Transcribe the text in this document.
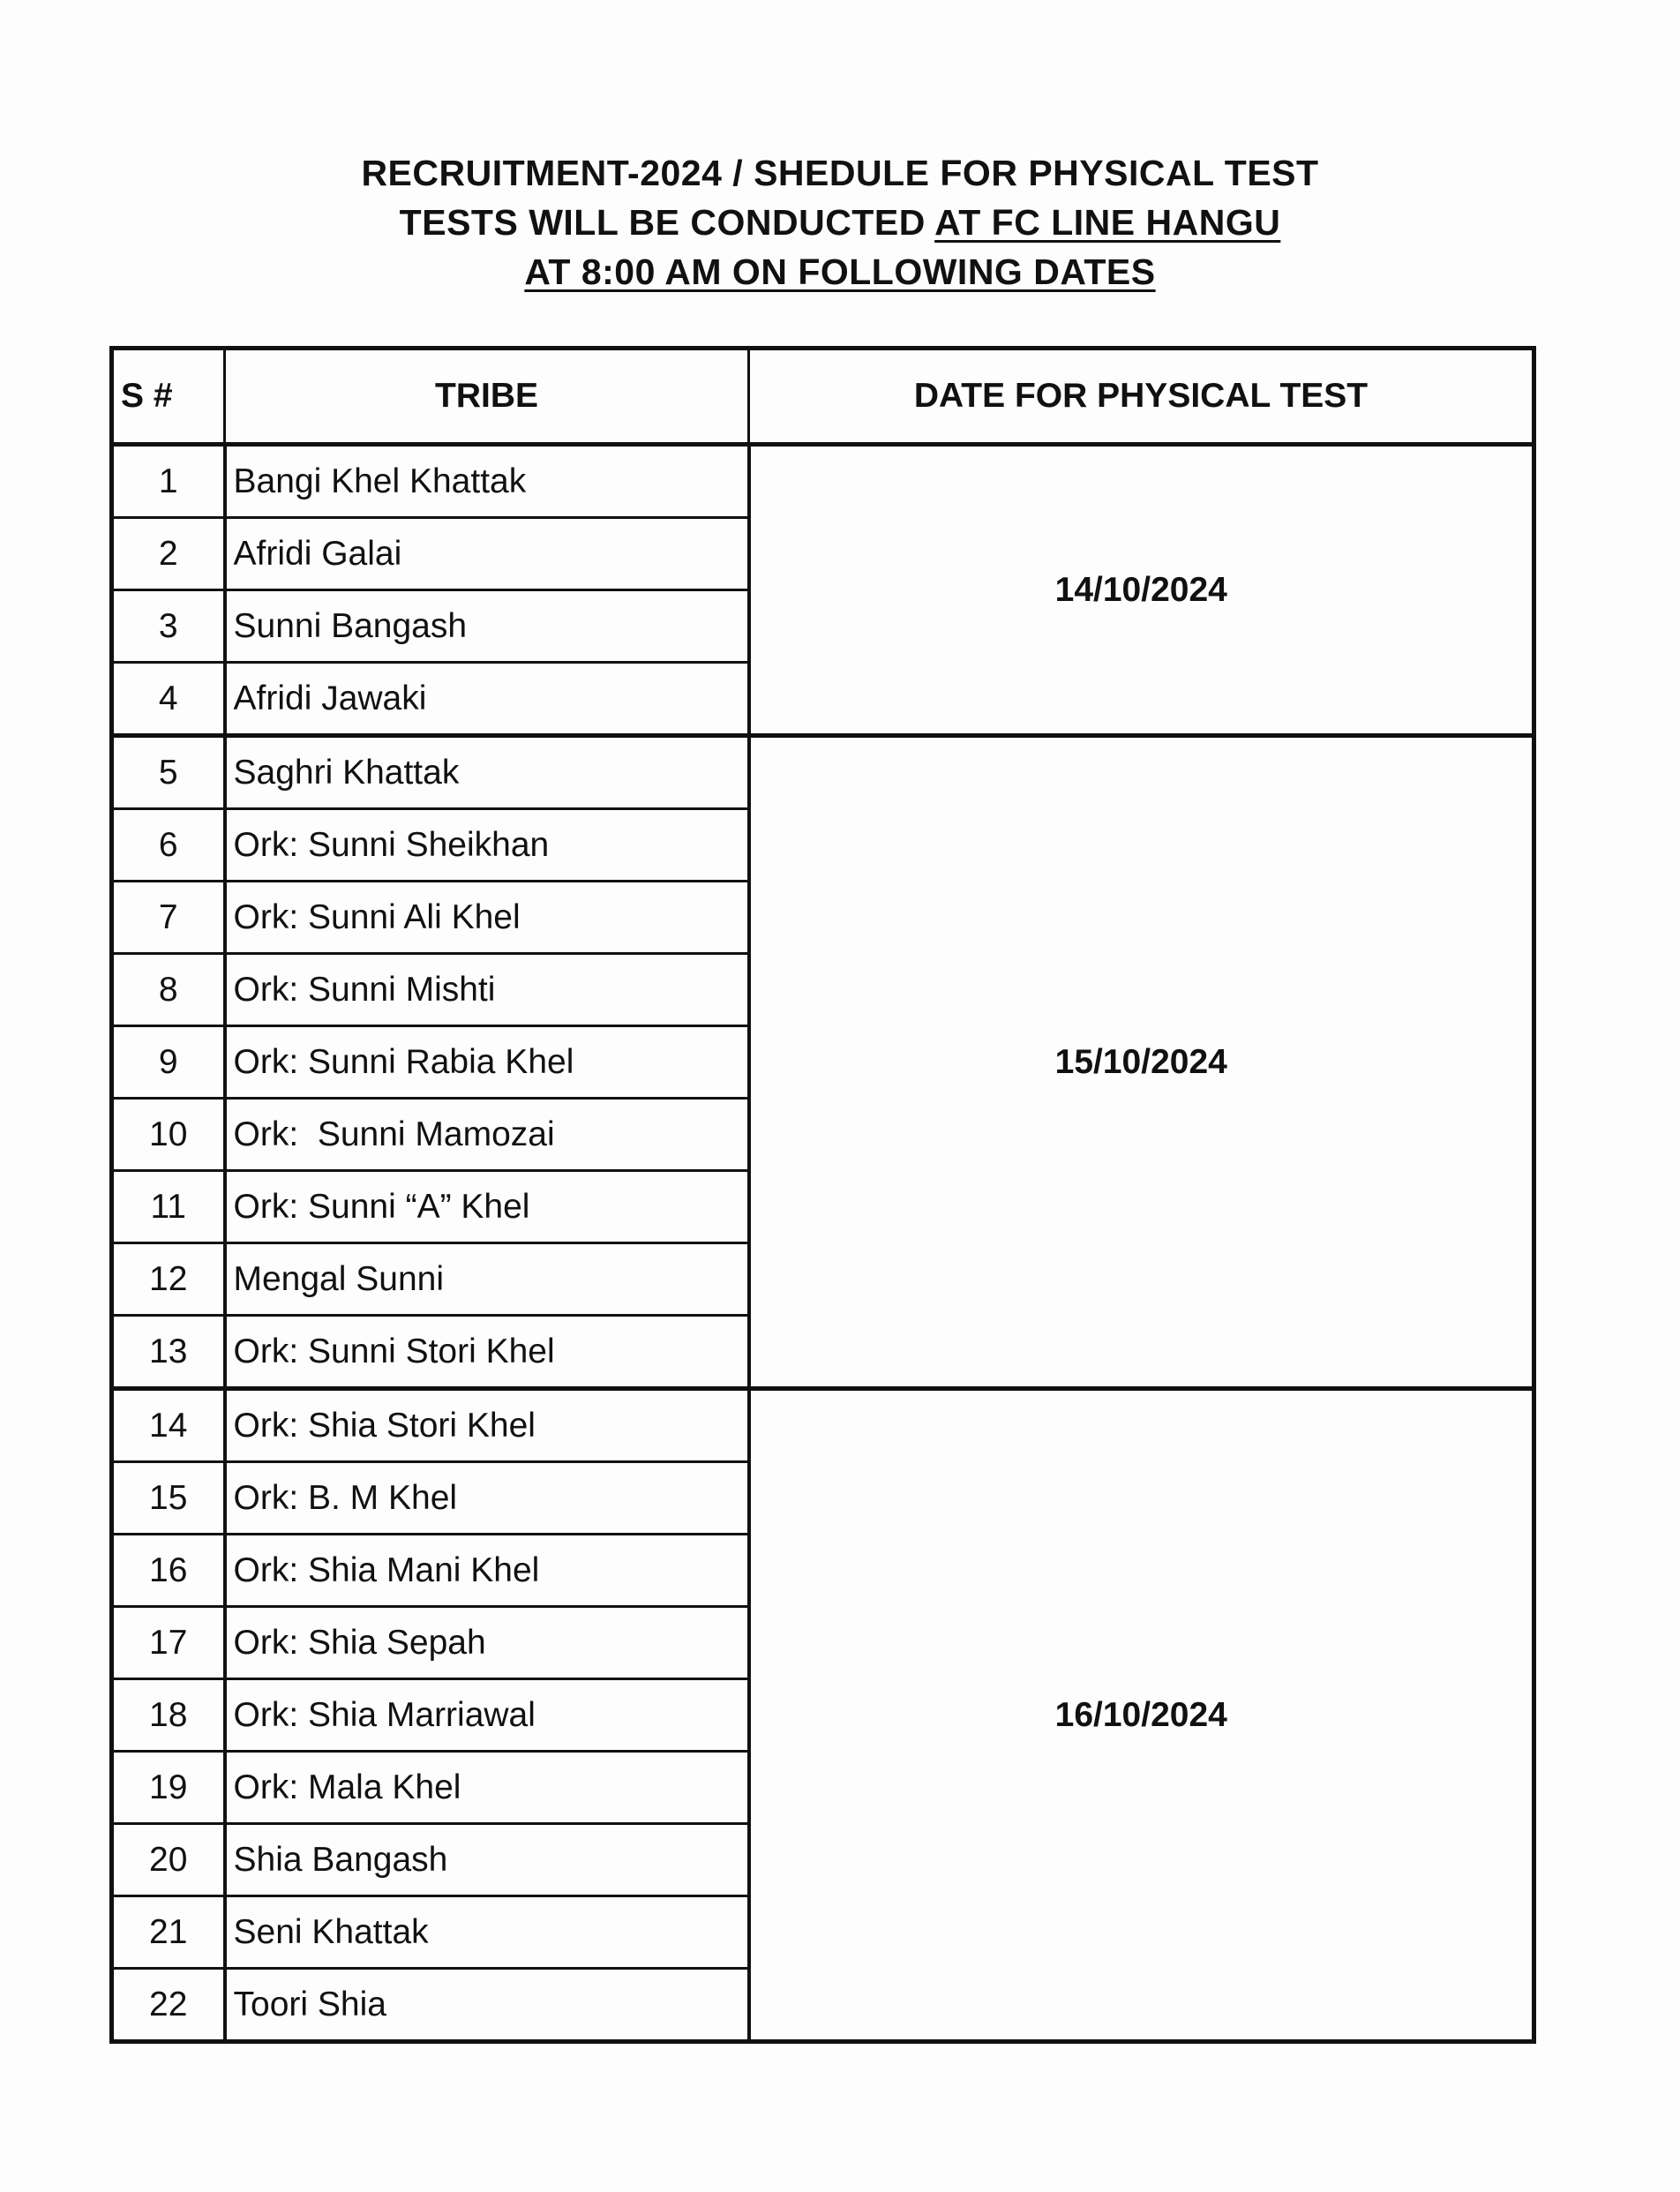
RECRUITMENT-2024 / SHEDULE FOR PHYSICAL TEST
TESTS WILL BE CONDUCTED AT FC LINE HANGU
AT 8:00 AM ON FOLLOWING DATES
S #	TRIBE	DATE FOR PHYSICAL TEST
1	Bangi Khel Khattak	14/10/2024
2	Afridi Galai	
3	Sunni Bangash	
4	Afridi Jawaki	
5	Saghri Khattak	15/10/2024
6	Ork: Sunni Sheikhan	
7	Ork: Sunni Ali Khel	
8	Ork: Sunni Mishti	
9	Ork: Sunni Rabia Khel	
10	Ork:  Sunni Mamozai	
11	Ork: Sunni “A” Khel	
12	Mengal Sunni	
13	Ork: Sunni Stori Khel	
14	Ork: Shia Stori Khel	16/10/2024
15	Ork: B. M Khel	
16	Ork: Shia Mani Khel	
17	Ork: Shia Sepah	
18	Ork: Shia Marriawal	
19	Ork: Mala Khel	
20	Shia Bangash	
21	Seni Khattak	
22	Toori Shia	
